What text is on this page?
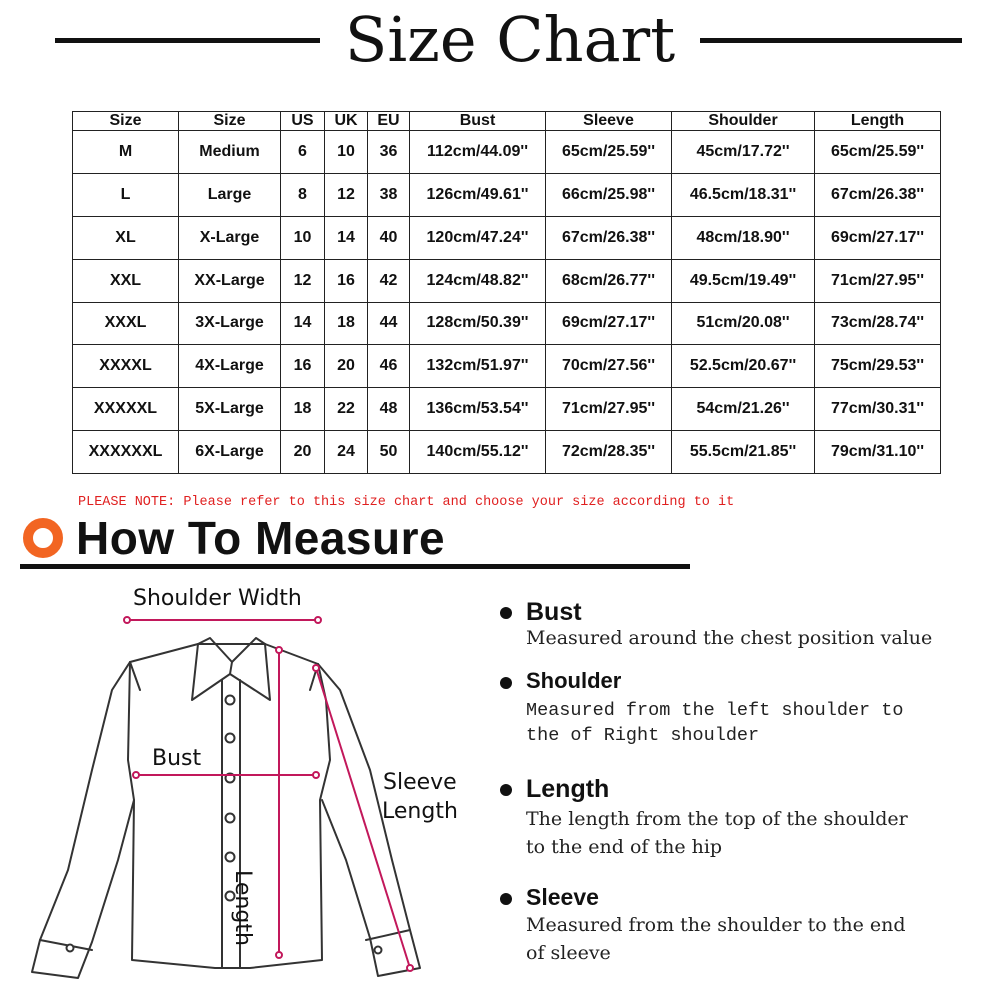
Size Chart
Size	Size	US	UK	EU	Bust	Sleeve	Shoulder	Length
M	Medium	6	10	36	112cm/44.09''	65cm/25.59''	45cm/17.72''	65cm/25.59''
L	Large	8	12	38	126cm/49.61''	66cm/25.98''	46.5cm/18.31''	67cm/26.38''
XL	X-Large	10	14	40	120cm/47.24''	67cm/26.38''	48cm/18.90''	69cm/27.17''
XXL	XX-Large	12	16	42	124cm/48.82''	68cm/26.77''	49.5cm/19.49''	71cm/27.95''
XXXL	3X-Large	14	18	44	128cm/50.39''	69cm/27.17''	51cm/20.08''	73cm/28.74''
XXXXL	4X-Large	16	20	46	132cm/51.97''	70cm/27.56''	52.5cm/20.67''	75cm/29.53''
XXXXXL	5X-Large	18	22	48	136cm/53.54''	71cm/27.95''	54cm/21.26''	77cm/30.31''
XXXXXXL	6X-Large	20	24	50	140cm/55.12''	72cm/28.35''	55.5cm/21.85''	79cm/31.10''
PLEASE NOTE: Please refer to this size chart and choose your size according to it
How To Measure
Shoulder Width
Bust
Sleeve
Length
Length
Bust
Measured around the chest position value
Shoulder
Measured from the left shoulder to the of Right shoulder
Length
The length from the top of the shoulder to the end of the hip
Sleeve
Measured from the shoulder to the end of sleeve
